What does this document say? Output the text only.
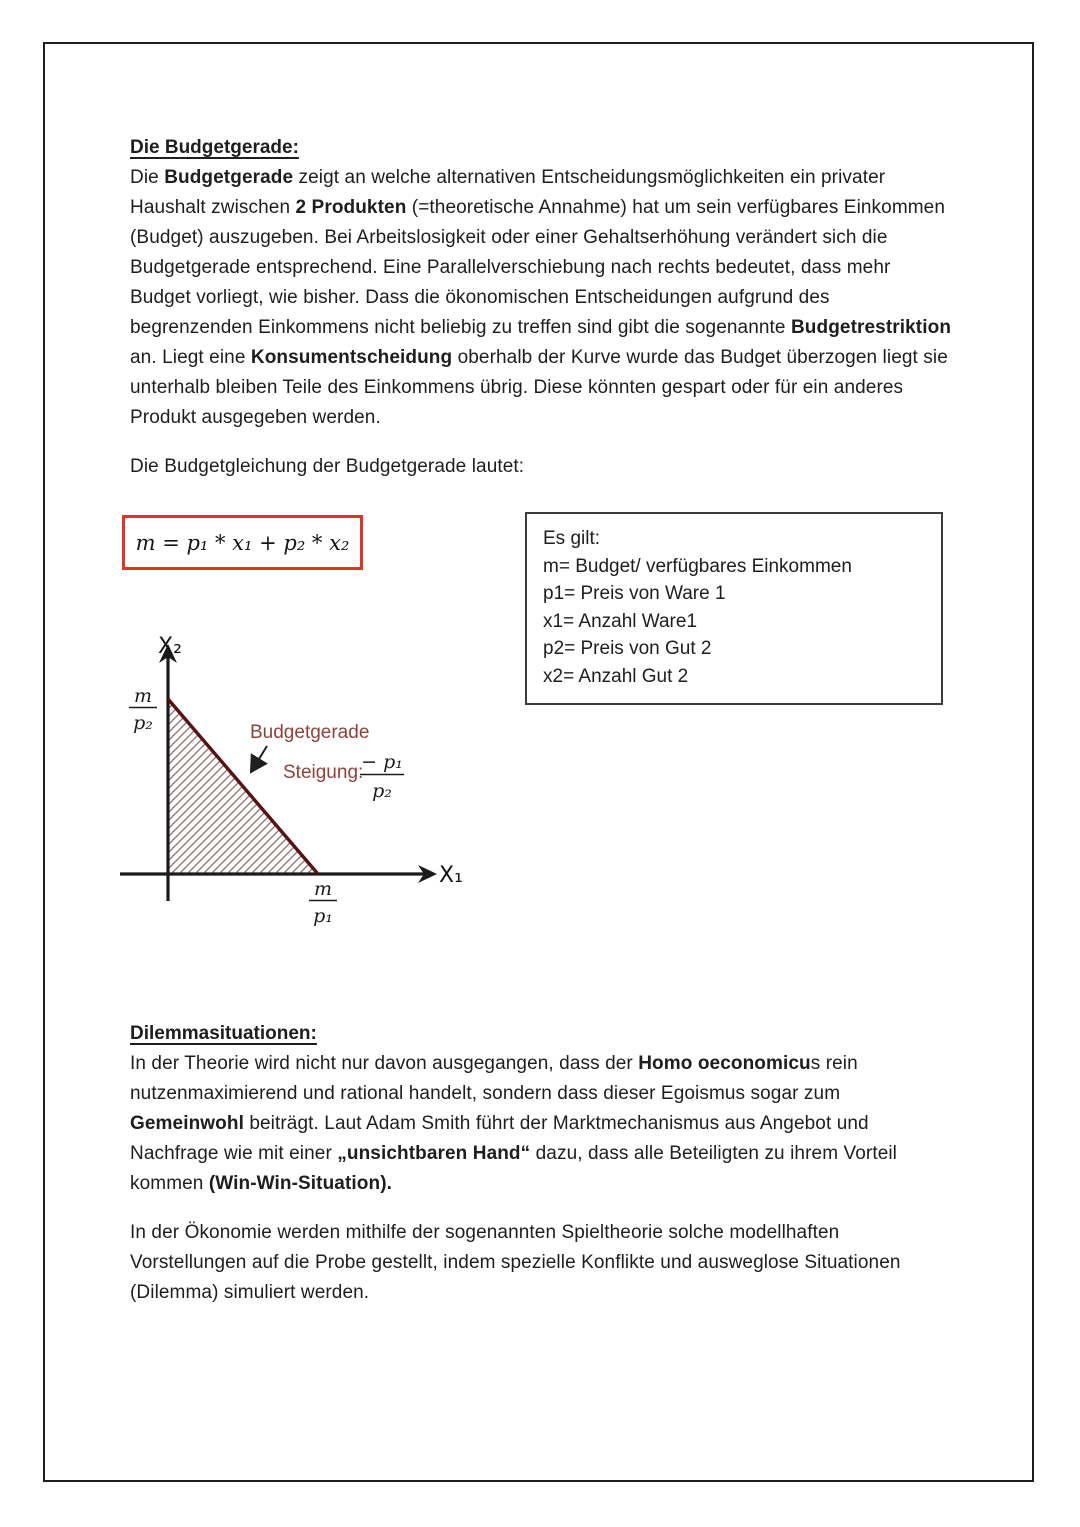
Die Budgetgerade:

Die Budgetgerade zeigt an welche alternativen Entscheidungsmöglichkeiten ein privater Haushalt zwischen 2 Produkten (=theoretische Annahme) hat um sein verfügbares Einkommen (Budget) auszugeben. Bei Arbeitslosigkeit oder einer Gehaltserhöhung verändert sich die Budgetgerade entsprechend. Eine Parallelverschiebung nach rechts bedeutet, dass mehr Budget vorliegt, wie bisher. Dass die ökonomischen Entscheidungen aufgrund des begrenzenden Einkommens nicht beliebig zu treffen sind gibt die sogenannte Budgetrestriktion an. Liegt eine Konsumentscheidung oberhalb der Kurve wurde das Budget überzogen liegt sie unterhalb bleiben Teile des Einkommens übrig. Diese könnten gespart oder für ein anderes Produkt ausgegeben werden.

Die Budgetgleichung der Budgetgerade lautet:

m = p₁ * x₁ + p₂ * x₂	Es gilt:
m= Budget/ verfügbares Einkommen
p1= Preis von Ware 1
x1= Anzahl Ware1
p2= Preis von Gut 2
x2= Anzahl Gut 2
X₂
X₁
m
p₂
m
p₁
Budgetgerade
Steigung:
− p₁
p₂
Dilemmasituationen:

In der Theorie wird nicht nur davon ausgegangen, dass der Homo oeconomicus rein nutzenmaximierend und rational handelt, sondern dass dieser Egoismus sogar zum Gemeinwohl beiträgt. Laut Adam Smith führt der Marktmechanismus aus Angebot und Nachfrage wie mit einer „unsichtbaren Hand“ dazu, dass alle Beteiligten zu ihrem Vorteil kommen (Win-Win-Situation).

In der Ökonomie werden mithilfe der sogenannten Spieltheorie solche modellhaften Vorstellungen auf die Probe gestellt, indem spezielle Konflikte und ausweglose Situationen (Dilemma) simuliert werden.
